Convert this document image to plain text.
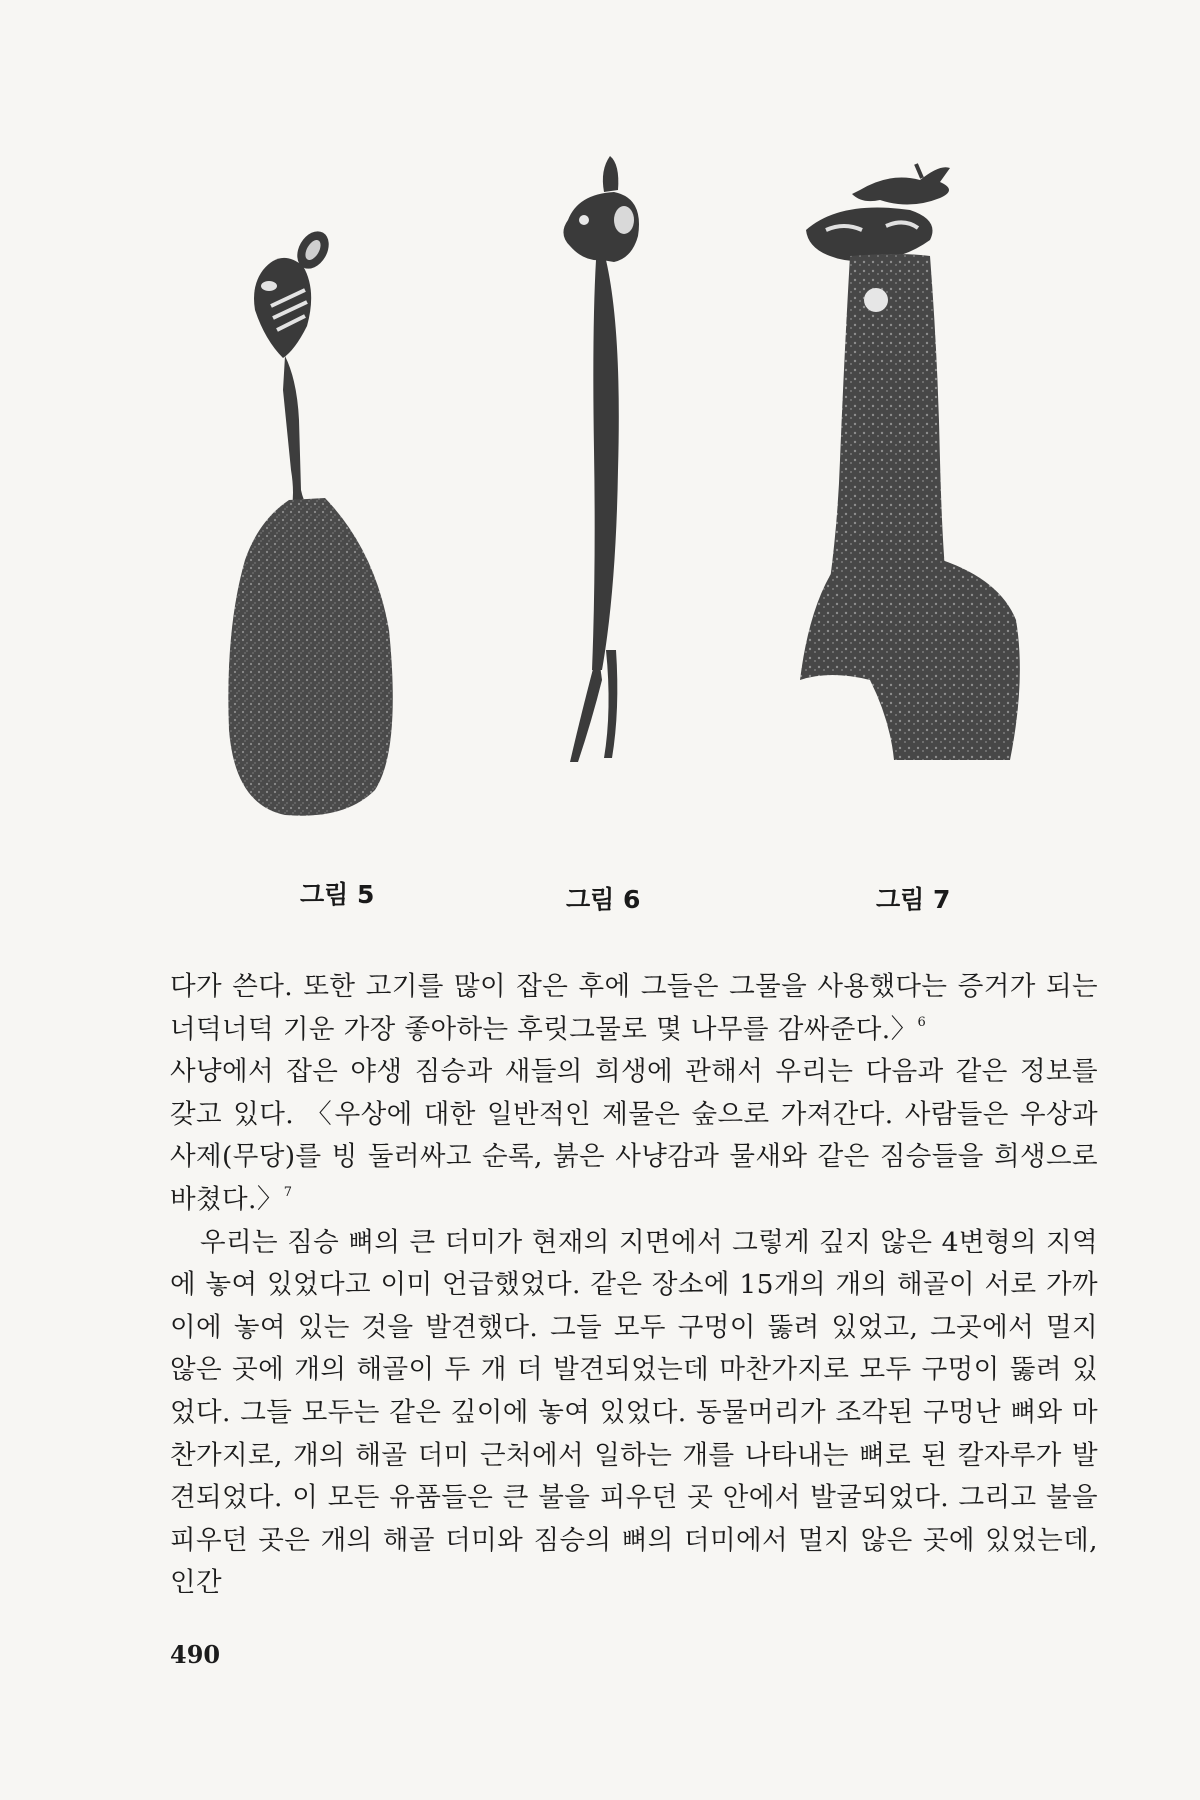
그림 5	그림 6	그림 7

다가 쓴다. 또한 고기를 많이 잡은 후에 그들은 그물을 사용했다는 증거가 되는 너덕너덕 기운 가장 좋아하는 후릿그물로 몇 나무를 감싸준다.〉$^6$

사냥에서 잡은 야생 짐승과 새들의 희생에 관해서 우리는 다음과 같은 정보를 갖고 있다. 〈우상에 대한 일반적인 제물은 숲으로 가져간다. 사람들은 우상과 사제(무당)를 빙 둘러싸고 순록, 붉은 사냥감과 물새와 같은 짐승들을 희생으로 바쳤다.〉$^7$

우리는 짐승 뼈의 큰 더미가 현재의 지면에서 그렇게 깊지 않은 4변형의 지역에 놓여 있었다고 이미 언급했었다. 같은 장소에 15개의 개의 해골이 서로 가까이에 놓여 있는 것을 발견했다. 그들 모두 구멍이 뚫려 있었고, 그곳에서 멀지 않은 곳에 개의 해골이 두 개 더 발견되었는데 마찬가지로 모두 구멍이 뚫려 있었다. 그들 모두는 같은 깊이에 놓여 있었다. 동물머리가 조각된 구멍난 뼈와 마찬가지로, 개의 해골 더미 근처에서 일하는 개를 나타내는 뼈로 된 칼자루가 발견되었다. 이 모든 유품들은 큰 불을 피우던 곳 안에서 발굴되었다. 그리고 불을 피우던 곳은 개의 해골 더미와 짐승의 뼈의 더미에서 멀지 않은 곳에 있었는데, 인간

490
